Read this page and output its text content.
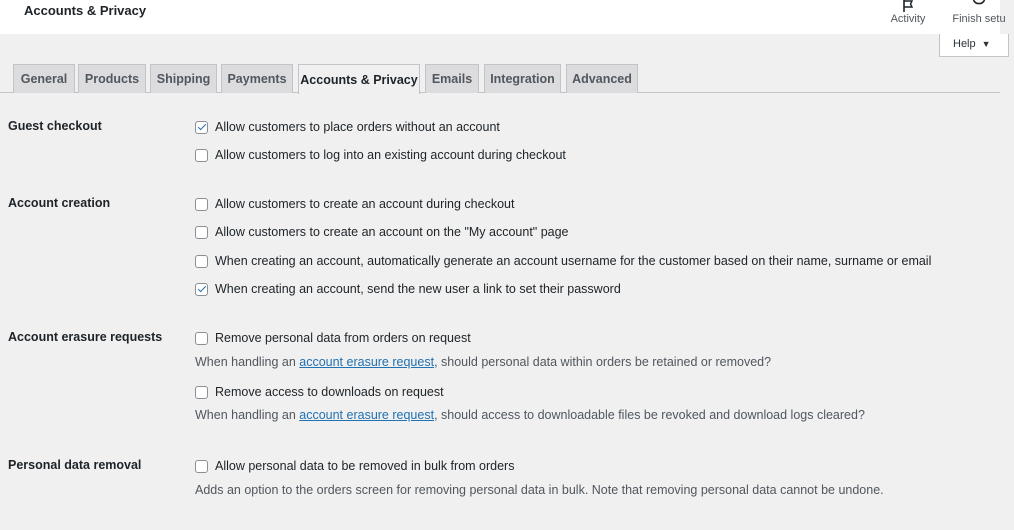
Accounts & Privacy
Activity	Finish setu
Help ▼
General	Products	Shipping	Payments	Accounts & Privacy	Emails	Integration	Advanced
Guest checkout	Allow customers to place orders without an account
Allow customers to log into an existing account during checkout
Account creation	Allow customers to create an account during checkout
Allow customers to create an account on the "My account" page
When creating an account, automatically generate an account username for the customer based on their name, surname or email
When creating an account, send the new user a link to set their password
Account erasure requests	Remove personal data from orders on request
When handling an account erasure request, should personal data within orders be retained or removed?
Remove access to downloads on request
When handling an account erasure request, should access to downloadable files be revoked and download logs cleared?
Personal data removal	Allow personal data to be removed in bulk from orders
Adds an option to the orders screen for removing personal data in bulk. Note that removing personal data cannot be undone.
